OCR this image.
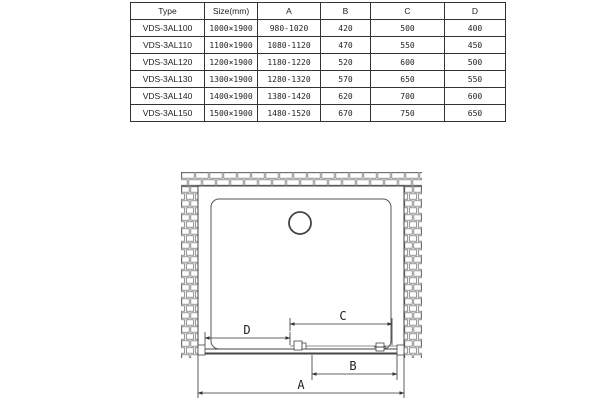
Type	Size(mm)	A	B	C	D
VDS-3AL100	1000×1900	980-1020	420	500	400
VDS-3AL110	1100×1900	1080-1120	470	550	450
VDS-3AL120	1200×1900	1180-1220	520	600	500
VDS-3AL130	1300×1900	1280-1320	570	650	550
VDS-3AL140	1400×1900	1380-1420	620	700	600
VDS-3AL150	1500×1900	1480-1520	670	750	650
D
C
B
A
